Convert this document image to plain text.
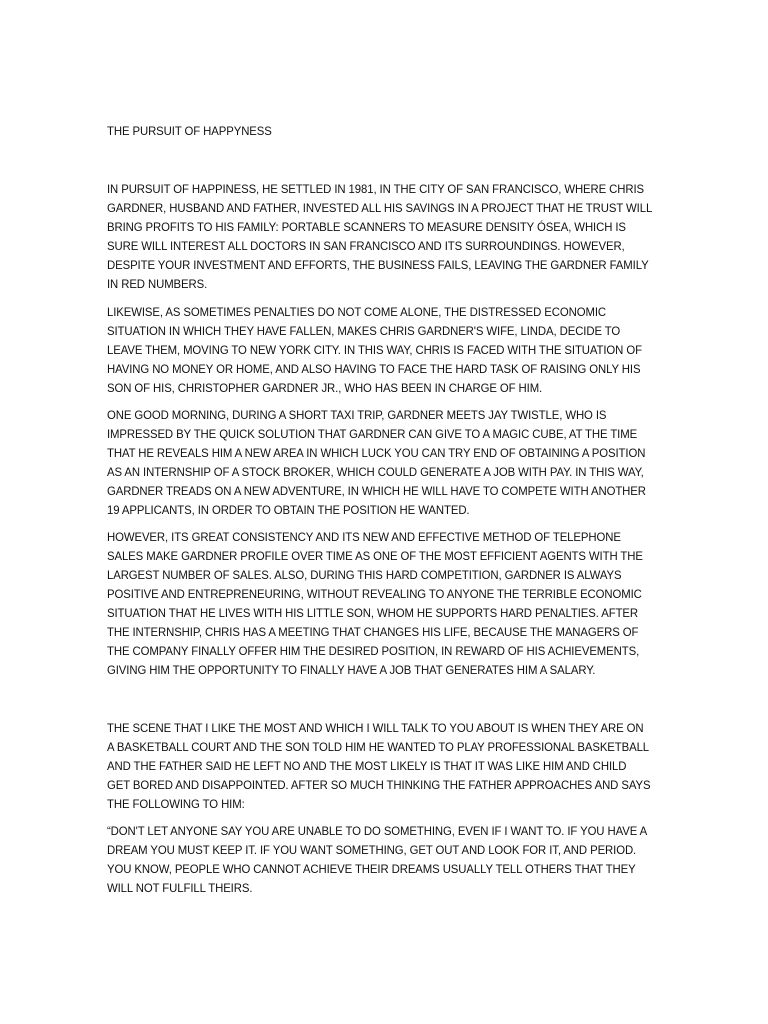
THE PURSUIT OF HAPPYNESS
IN PURSUIT OF HAPPINESS, HE SETTLED IN 1981, IN THE CITY OF SAN FRANCISCO, WHERE CHRIS GARDNER, HUSBAND AND FATHER, INVESTED ALL HIS SAVINGS IN A PROJECT THAT HE TRUST WILL BRING PROFITS TO HIS FAMILY: PORTABLE SCANNERS TO MEASURE DENSITY ÓSEA, WHICH IS SURE WILL INTEREST ALL DOCTORS IN SAN FRANCISCO AND ITS SURROUNDINGS. HOWEVER, DESPITE YOUR INVESTMENT AND EFFORTS, THE BUSINESS FAILS, LEAVING THE GARDNER FAMILY IN RED NUMBERS.
LIKEWISE, AS SOMETIMES PENALTIES DO NOT COME ALONE, THE DISTRESSED ECONOMIC SITUATION IN WHICH THEY HAVE FALLEN, MAKES CHRIS GARDNER'S WIFE, LINDA, DECIDE TO LEAVE THEM, MOVING TO NEW YORK CITY. IN THIS WAY, CHRIS IS FACED WITH THE SITUATION OF HAVING NO MONEY OR HOME, AND ALSO HAVING TO FACE THE HARD TASK OF RAISING ONLY HIS SON OF HIS, CHRISTOPHER GARDNER JR., WHO HAS BEEN IN CHARGE OF HIM.
ONE GOOD MORNING, DURING A SHORT TAXI TRIP, GARDNER MEETS JAY TWISTLE, WHO IS IMPRESSED BY THE QUICK SOLUTION THAT GARDNER CAN GIVE TO A MAGIC CUBE, AT THE TIME THAT HE REVEALS HIM A NEW AREA IN WHICH LUCK YOU CAN TRY END OF OBTAINING A POSITION AS AN INTERNSHIP OF A STOCK BROKER, WHICH COULD GENERATE A JOB WITH PAY. IN THIS WAY, GARDNER TREADS ON A NEW ADVENTURE, IN WHICH HE WILL HAVE TO COMPETE WITH ANOTHER 19 APPLICANTS, IN ORDER TO OBTAIN THE POSITION HE WANTED.
HOWEVER, ITS GREAT CONSISTENCY AND ITS NEW AND EFFECTIVE METHOD OF TELEPHONE SALES MAKE GARDNER PROFILE OVER TIME AS ONE OF THE MOST EFFICIENT AGENTS WITH THE LARGEST NUMBER OF SALES. ALSO, DURING THIS HARD COMPETITION, GARDNER IS ALWAYS POSITIVE AND ENTREPRENEURING, WITHOUT REVEALING TO ANYONE THE TERRIBLE ECONOMIC SITUATION THAT HE LIVES WITH HIS LITTLE SON, WHOM HE SUPPORTS HARD PENALTIES. AFTER THE INTERNSHIP, CHRIS HAS A MEETING THAT CHANGES HIS LIFE, BECAUSE THE MANAGERS OF THE COMPANY FINALLY OFFER HIM THE DESIRED POSITION, IN REWARD OF HIS ACHIEVEMENTS, GIVING HIM THE OPPORTUNITY TO FINALLY HAVE A JOB THAT GENERATES HIM A SALARY.
THE SCENE THAT I LIKE THE MOST AND WHICH I WILL TALK TO YOU ABOUT IS WHEN THEY ARE ON A BASKETBALL COURT AND THE SON TOLD HIM HE WANTED TO PLAY PROFESSIONAL BASKETBALL AND THE FATHER SAID HE LEFT NO AND THE MOST LIKELY IS THAT IT WAS LIKE HIM AND CHILD GET BORED AND DISAPPOINTED. AFTER SO MUCH THINKING THE FATHER APPROACHES AND SAYS THE FOLLOWING TO HIM:
“DON'T LET ANYONE SAY YOU ARE UNABLE TO DO SOMETHING, EVEN IF I WANT TO. IF YOU HAVE A DREAM YOU MUST KEEP IT. IF YOU WANT SOMETHING, GET OUT AND LOOK FOR IT, AND PERIOD. YOU KNOW, PEOPLE WHO CANNOT ACHIEVE THEIR DREAMS USUALLY TELL OTHERS THAT THEY WILL NOT FULFILL THEIRS.
